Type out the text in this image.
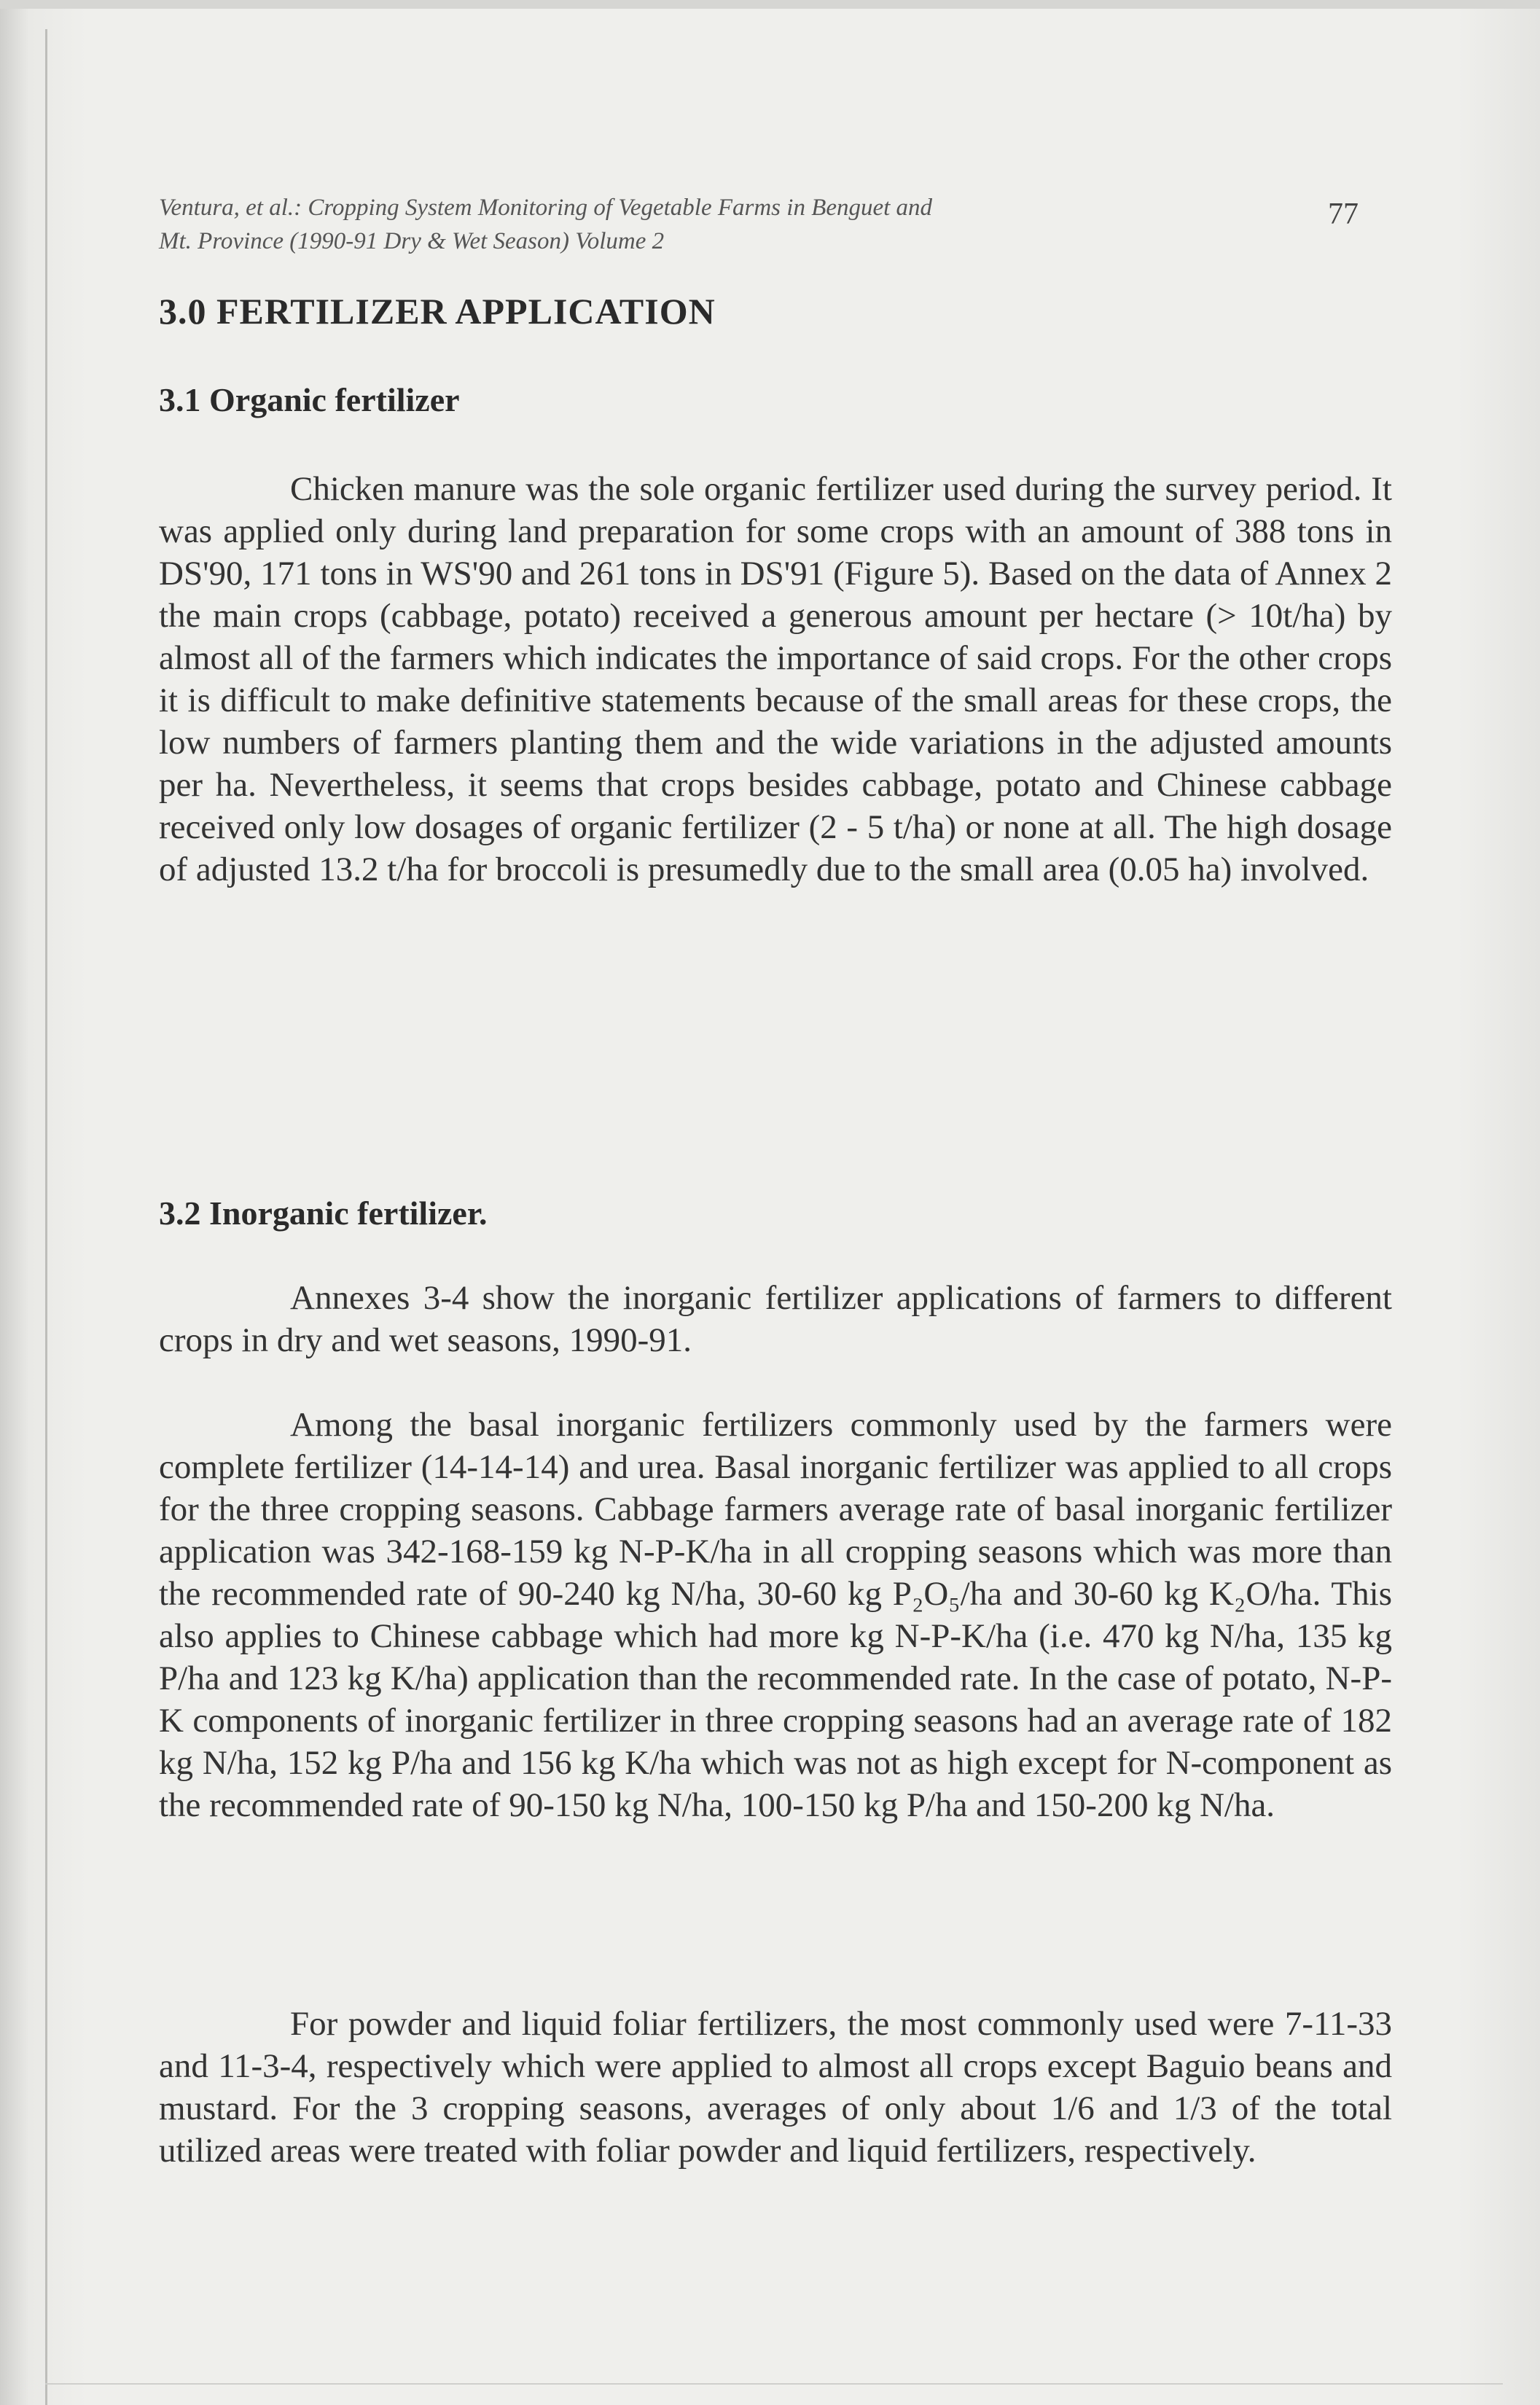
Ventura, et al.: Cropping System Monitoring of Vegetable Farms in Benguet and
Mt. Province (1990-91 Dry & Wet Season) Volume 2
77
3.0 FERTILIZER APPLICATION
3.1 Organic fertilizer

Chicken manure was the sole organic fertilizer used during the survey period. It was applied only during land preparation for some crops with an amount of 388 tons in DS'90, 171 tons in WS'90 and 261 tons in DS'91 (Figure 5). Based on the data of Annex 2 the main crops (cabbage, potato) received a generous amount per hectare (> 10t/ha) by almost all of the farmers which indicates the importance of said crops. For the other crops it is difficult to make definitive statements because of the small areas for these crops, the low numbers of farmers planting them and the wide variations in the adjusted amounts per ha. Nevertheless, it seems that crops besides cabbage, potato and Chinese cabbage received only low dosages of organic fertilizer (2 - 5 t/ha) or none at all. The high dosage of adjusted 13.2 t/ha for broccoli is presumedly due to the small area (0.05 ha) involved.

3.2 Inorganic fertilizer.

Annexes 3-4 show the inorganic fertilizer applications of farmers to different crops in dry and wet seasons, 1990-91.

Among the basal inorganic fertilizers commonly used by the farmers were complete fertilizer (14-14-14) and urea. Basal inorganic fertilizer was applied to all crops for the three cropping seasons. Cabbage farmers average rate of basal inorganic fertilizer application was 342-168-159 kg N-P-K/ha in all cropping seasons which was more than the recommended rate of 90-240 kg N/ha, 30-60 kg P₂O₅/ha and 30-60 kg K₂O/ha. This also applies to Chinese cabbage which had more kg N-P-K/ha (i.e. 470 kg N/ha, 135 kg P/ha and 123 kg K/ha) application than the recommended rate. In the case of potato, N-P-K components of inorganic fertilizer in three cropping seasons had an average rate of 182 kg N/ha, 152 kg P/ha and 156 kg K/ha which was not as high except for N-component as the recommended rate of 90-150 kg N/ha, 100-150 kg P/ha and 150-200 kg N/ha.

For powder and liquid foliar fertilizers, the most commonly used were 7-11-33 and 11-3-4, respectively which were applied to almost all crops except Baguio beans and mustard. For the 3 cropping seasons, averages of only about 1/6 and 1/3 of the total utilized areas were treated with foliar powder and liquid fertilizers, respectively.
